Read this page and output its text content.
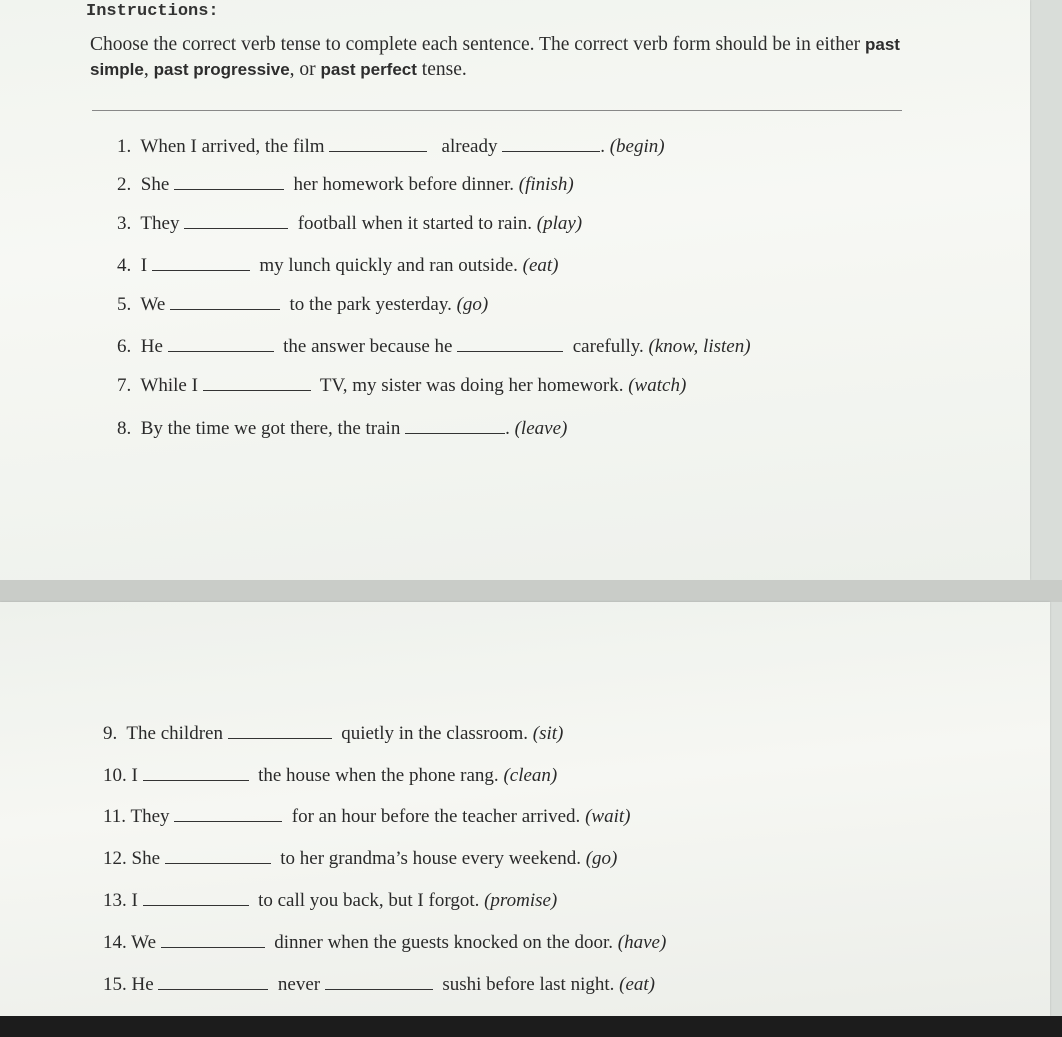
Instructions:
Choose the correct verb tense to complete each sentence. The correct verb form should be in either past simple, past progressive, or past perfect tense.
1. When I arrived, the film	already	. (begin)
2. She	her homework before dinner. (finish)
3. They	football when it started to rain. (play)
4. I	my lunch quickly and ran outside. (eat)
5. We	to the park yesterday. (go)
6. He	the answer because he	carefully. (know, listen)
7. While I	TV, my sister was doing her homework. (watch)
8. By the time we got there, the train	. (leave)
9. The children	quietly in the classroom. (sit)
10. I	the house when the phone rang. (clean)
11. They	for an hour before the teacher arrived. (wait)
12. She	to her grandma’s house every weekend. (go)
13. I	to call you back, but I forgot. (promise)
14. We	dinner when the guests knocked on the door. (have)
15. He	never	sushi before last night. (eat)
